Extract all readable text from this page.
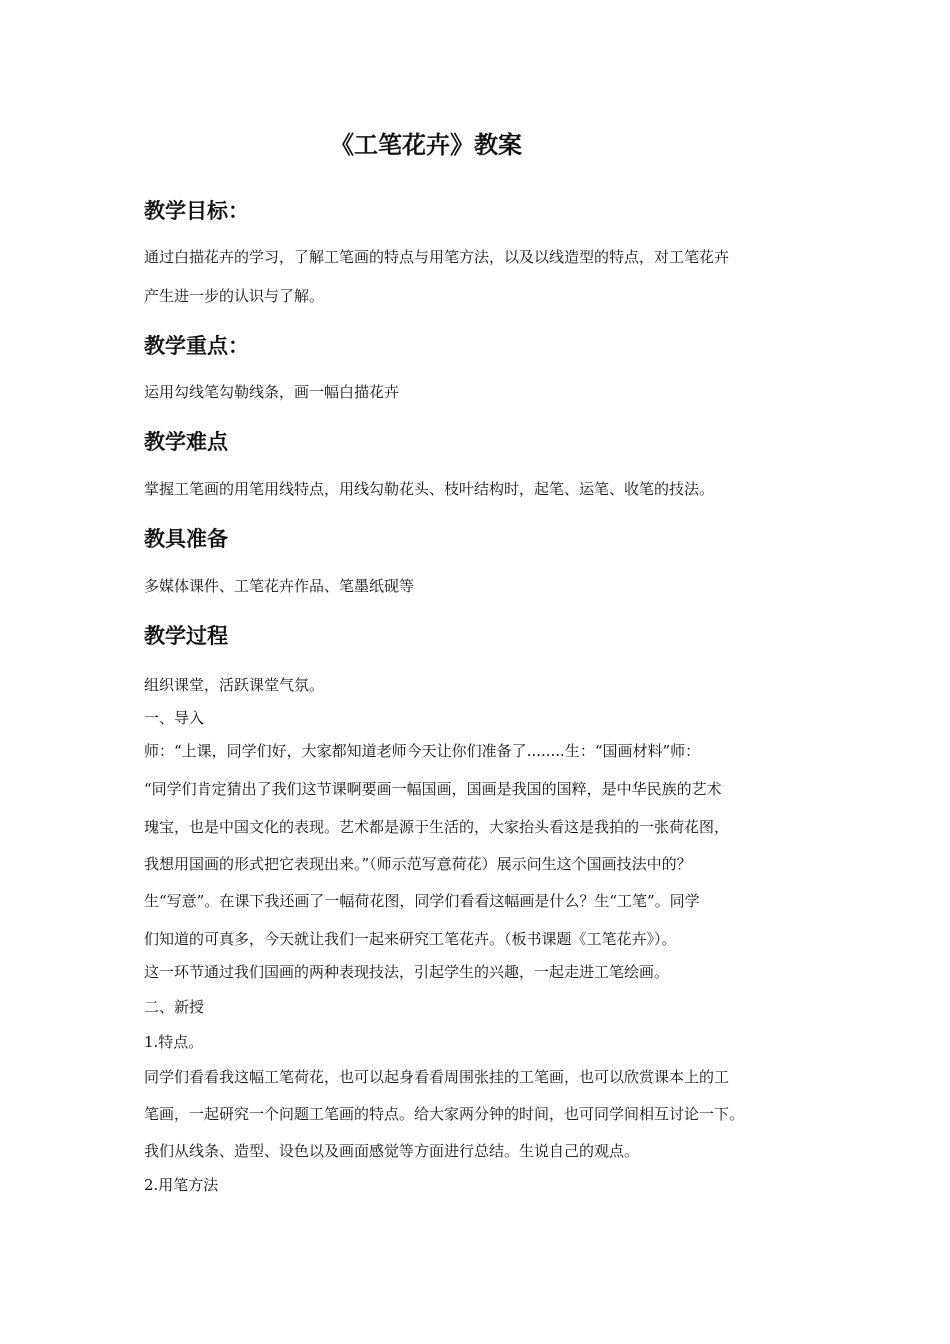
《工笔花卉》教案
教学目标：
通过白描花卉的学习，了解工笔画的特点与用笔方法，以及以线造型的特点，对工笔花卉
产生进一步的认识与了解。
教学重点：
运用勾线笔勾勒线条，画一幅白描花卉
教学难点
掌握工笔画的用笔用线特点，用线勾勒花头、枝叶结构时，起笔、运笔、收笔的技法。
教具准备
多媒体课件、工笔花卉作品、笔墨纸砚等
教学过程
组织课堂，活跃课堂气氛。
一、导入
师：“上课，同学们好，大家都知道老师今天让你们准备了........生：“国画材料”师：
“同学们肯定猜出了我们这节课啊要画一幅国画，国画是我国的国粹，是中华民族的艺术
瑰宝，也是中国文化的表现。艺术都是源于生活的，大家抬头看这是我拍的一张荷花图，
我想用国画的形式把它表现出来。”（师示范写意荷花）展示问生这个国画技法中的？
生“写意”。在课下我还画了一幅荷花图，同学们看看这幅画是什么？生“工笔”。同学
们知道的可真多，今天就让我们一起来研究工笔花卉。（板书课题《工笔花卉》）。
这一环节通过我们国画的两种表现技法，引起学生的兴趣，一起走进工笔绘画。
二、新授
1.特点。
同学们看看我这幅工笔荷花，也可以起身看看周围张挂的工笔画，也可以欣赏课本上的工
笔画，一起研究一个问题工笔画的特点。给大家两分钟的时间，也可同学间相互讨论一下。
我们从线条、造型、设色以及画面感觉等方面进行总结。生说自己的观点。
2.用笔方法
